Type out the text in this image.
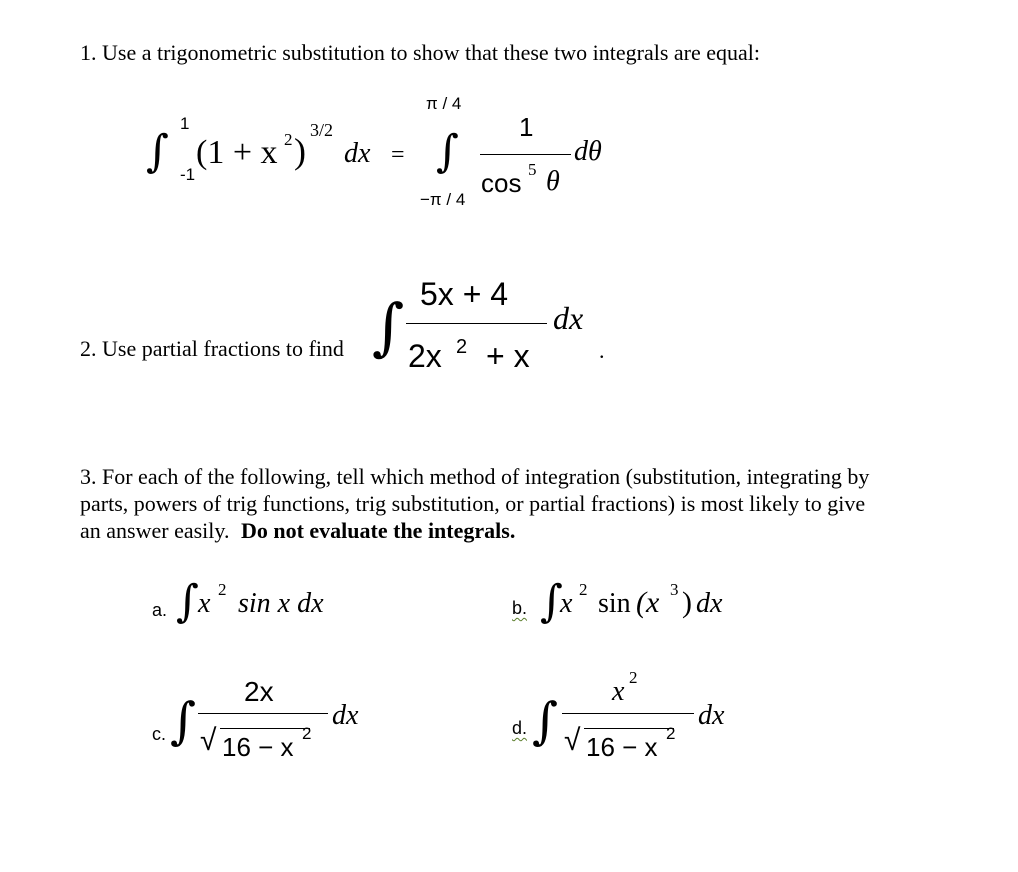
1. Use a trigonometric substitution to show that these two integrals are equal:
∫
1
-1
(1 + x 2 )
3/2
dx =
π / 4
∫
−π / 4
1
cos 5 θ
dθ
2. Use partial fractions to find ∫ 5x + 4
2x 2 + x
dx
.
3. For each of the following, tell which method of integration (substitution, integrating by
parts, powers of trig functions, trig substitution, or partial fractions) is most likely to give
an answer easily. Do not evaluate the integrals.
a. ∫ x 2 sin x dx	b. ∫
x 2 sin (x 3 ) dx
c. ∫
2x
√ 16 − x 2
dx	d. ∫
x 2
√ 16 − x 2
dx
